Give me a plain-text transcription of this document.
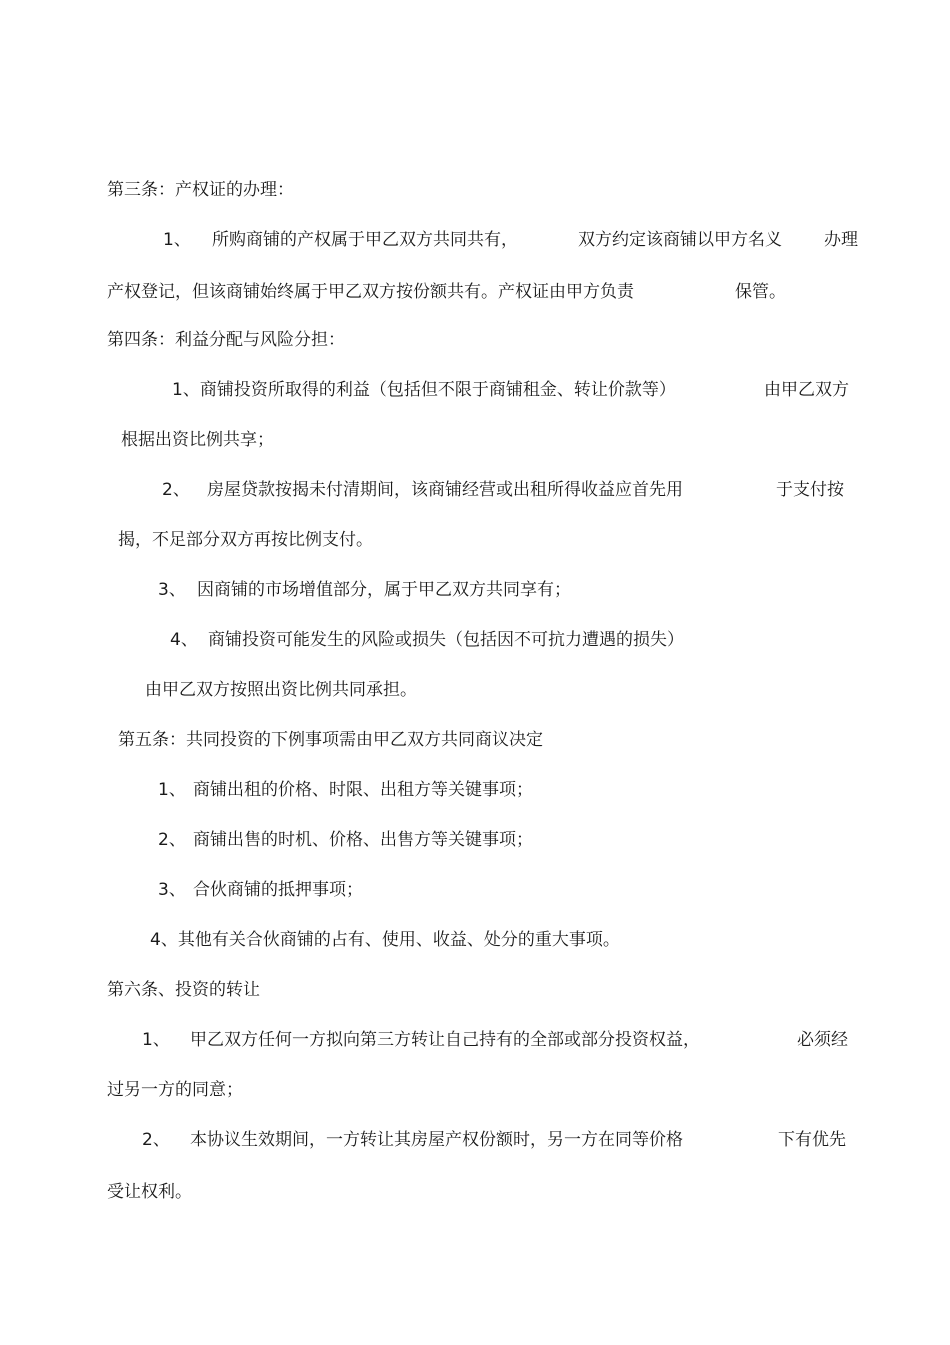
第三条：产权证的办理：
1、 所购商铺的产权属于甲乙双方共同共有，	双方约定该商铺以甲方名义 办理
产权登记，但该商铺始终属于甲乙双方按份额共有。产权证由甲方负责	保管。
第四条：利益分配与风险分担：
1、商铺投资所取得的利益（包括但不限于商铺租金、转让价款等）	由甲乙双方
根据出资比例共享；
2、 房屋贷款按揭未付清期间，该商铺经营或出租所得收益应首先用	于支付按
揭，不足部分双方再按比例支付。
3、 因商铺的市场增值部分，属于甲乙双方共同享有；
4、 商铺投资可能发生的风险或损失（包括因不可抗力遭遇的损失）
由甲乙双方按照出资比例共同承担。
第五条：共同投资的下例事项需由甲乙双方共同商议决定
1、 商铺出租的价格、时限、出租方等关键事项；
2、 商铺出售的时机、价格、出售方等关键事项；
3、 合伙商铺的抵押事项；
4、其他有关合伙商铺的占有、使用、收益、处分的重大事项。
第六条、投资的转让
1、 甲乙双方任何一方拟向第三方转让自己持有的全部或部分投资权益，	必须经
过另一方的同意；
2、 本协议生效期间，一方转让其房屋产权份额时，另一方在同等价格	下有优先
受让权利。
